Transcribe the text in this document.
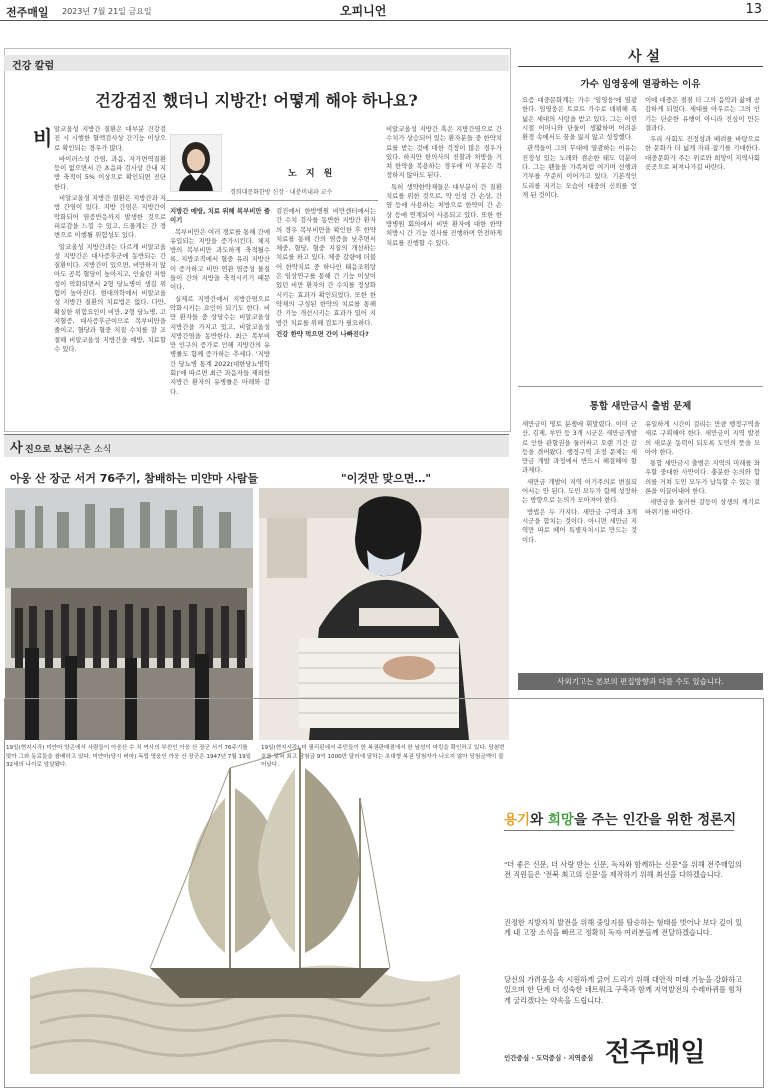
전주매일 2023년 7월 21일 금요일	오피니언	13
건강 칼럼
건강검진 했더니 지방간! 어떻게 해야 하나요?
비 알코올성 지방간 질환은 대부분 건강검진 시 시행한 혈액검사상 간기능 이상으로 확인되는 경우가 많다.

바이러스성 간염, 과음, 자가면역질환 등이 없으면서 간 초음파 검사상 간내 지방 축적이 5% 이상으로 확인되면 진단한다.

비알코올성 지방간 질환은 지방간과 지방 간염이 있다. 지방 간염은 지방간이 악화되어 염증반응까지 발생한 것으로 피로감을 느낄 수 있고, 드물게는 간 경변으로 이행될 위험성도 있다.

알코올성 지방간과는 다르게 비알코올성 지방간은 대사증후군에 동반되는 간질환이다. 지방간이 있으면, 비만하지 않아도 공복 혈당이 높아지고, 인슐린 저항성이 악화되면서 2형 당뇨병이 생길 위험이 높아진다. 현대의학에서 비알코올성 지방간 질환의 치료법은 없다. 다만, 확실한 위험요인이 비만, 2형 당뇨병, 고지혈증, 대사증후군이므로 복부비만을 줄이고, 혈당과 혈중 지질 수치를 잘 조절해 비알코올성 지방간을 예방, 치료할 수 있다.

노 지 원
경희대문화한방 신장 · 내분비내과 교수

지방간 예방, 치료 위해 복부비만 줄이기

복부비만은 여러 경로를 통해 간에 유입되는 지방을 증가시킨다. 체지방의 복부비만 과도하게 축적될수록, 지방조직에서 혈중 유리 지방산이 증가하고 비만 연관 염증성 물질들이 간의 지방을 축적시키기 때문이다.

실제로 지방간에서 지방간염으로 악화시키는 요인이 되기도 한다. 비만 환자들 중 상당수는 비알코올성 지방간을 가지고 있고, 비알코올성 지방간염을 동반한다. 최근 복부비만 인구의 증가로 인해 지방간의 유병률도 함께 증가하는 추세다. '지방간 당뇨병 통계 2022(대한당뇨병학회)'에 따르면 최근 과음자들 제외한 지방간 환자의 유병률은 아래와 같다.

검진에서 한방병원 비만센터에서는 간 수치 검사를 동반한 지방간 환자의 경우 복부비만을 확인한 후 한약 치료를 통해 간의 염증을 낮추면서 체중, 혈당, 혈중 지질의 개선하는 치료를 하고 있다. 체중 감량에 더불어 한약치료 중 하나인 태음조위탕은 임상연구를 통해 간 기능 이상이 있던 비만 환자의 간 수치를 정상화시키는 효과가 확인되었다. 또한 한약재의 구성된 한약의 치료를 통해 간 기능 개선시키는 효과가 있어 지방간 치료를 위해 검토가 필요하다.

건강 한약 먹으면 간이 나빠진다?

비알코올성 지방간 혹은 지방간염으로 간 수치가 상승되어 있는 환자분들 중 한약치료를 받는 것에 대한 걱정이 많은 경우가 있다. 하지만 한의사의 진찰과 처방을 거쳐 한약을 복용하는 경우에 이 부분은 걱정하지 않아도 된다.

특히 생약한약재들은 대부분이 간 질환 치료를 위한 것으로, 약 인성 간 손상, 간염 등에 사용하는 처방으로 한약이 간 손상 등에 연계되어 사용되고 있다. 또한 한방병원 회의에서 비만 환자에 대한 한약 처방시 간 기능 검사를 진행하며 안전하게 치료를 진행할 수 있다.

사 설
가수 임영웅에 열광하는 이유

요즘 대중문화계는 가수 '임영웅'에 열광한다. 임영웅은 트로트 가수로 데뷔해 폭넓은 세대의 사랑을 받고 있다. 그는 어린 시절 어머니와 단둘이 생활하며 어려운 환경 속에서도 꿈을 잃지 않고 성장했다.

관객들이 그의 무대에 열광하는 이유는 진정성 있는 노래와 겸손한 태도 덕분이다. 그는 팬들을 가족처럼 여기며 선행과 기부를 꾸준히 이어가고 있다. 기본적인 도리를 지키는 모습이 대중의 신뢰를 얻게 된 것이다.

이에 대중은 점점 더 그의 음악과 삶에 공감하게 되었다. 세대를 아우르는 그의 인기는 단순한 유행이 아니라 진심이 만든 결과다.

우리 사회도 진정성과 배려를 바탕으로 한 문화가 더 넓게 자리 잡기를 기대한다. 대중문화가 주는 위로와 희망이 지역사회 곳곳으로 퍼져나가길 바란다.

통합 새만금시 출범 문제

새만금이 영토 분쟁에 휘말렸다. 이미 군산, 김제, 부안 등 3개 시군은 새만금개발로 인한 관할권을 둘러싸고 오랜 기간 갈등을 겪어왔다. 행정구역 조정 문제는 새만금 개발 과정에서 반드시 해결해야 할 과제다.

새만금 개발이 지역 이기주의로 변질되어서는 안 된다. 도민 모두가 함께 성장하는 방향으로 논의가 모아져야 한다.

방법은 두 가지다. 새만금 구역과 3개 시군을 합치는 것이다. 아니면 새만금 지역만 따로 떼어 특별자치시로 만드는 것이다.

유일하게 시간이 걸리는 만큼 행정구역을 새로 구획해야 한다. 새만금이 지역 발전의 새로운 동력이 되도록 도민의 뜻을 모아야 한다.

통합 새만금시 출범은 지역의 미래를 좌우할 중대한 사안이다. 충분한 논의와 합의를 거쳐 도민 모두가 납득할 수 있는 결론을 이끌어내야 한다.

새만금을 둘러싼 갈등이 상생의 계기로 바뀌기를 바란다.

사외기고는 본보의 편집방향과 다를 수도 있습니다.
사 진으로 보는
지구촌 소식
아웅 산 장군 서거 76주기, 참배하는 미얀마 사람들	"이것만 맞으면…"
19일(현지시각) 미얀마 양곤에서 사람들이 아웅산 수 치 여사의 부친인 아웅 산 장군 서거 76주기를 맞아 그와 동료들을 참배하고 있다. 미얀마(당시 버마) 독립 영웅인 아웅 산 장군은 1947년 7월 19일 32세의 나이로 암살됐다.
19일(현지시각) 미 필리핀에서 주민들이 한 복권판매점에서 한 남성이 마킹을 확인하고 있다. 당첨번호를 맞혀 최고 당첨금 9억 1000만 달러에 달하는 초대형 복권 당첨자가 나오지 않아 당첨금액이 불어났다.
용기와 희망을 주는 인간을 위한 정론지
"더 좋은 신문, 더 사랑 받는 신문, 독자와 함께하는 신문"을 위해 전주매일의 전 직원들은 '전북 최고의 신문'을 제작하기 위해 최선을 다하겠습니다.
진정한 지방자치 발전을 위해 중앙지를 탐승하는 형태를 벗어나 보다 깊이 있게 내 고장 소식을 빠르고 정확히 독자 여러분들께 전달하겠습니다.
당신의 가려움을 속 시원하게 긁어 드리기 위해 대안적 미래 기능을 강화하고 있으며 한 단계 더 성숙한 네트워크 구축과 함께 지역발전의 수레바퀴를 힘차게 굴리겠다는 약속을 드립니다.
인간중심 · 도덕중심 · 지역중심 전주매일
